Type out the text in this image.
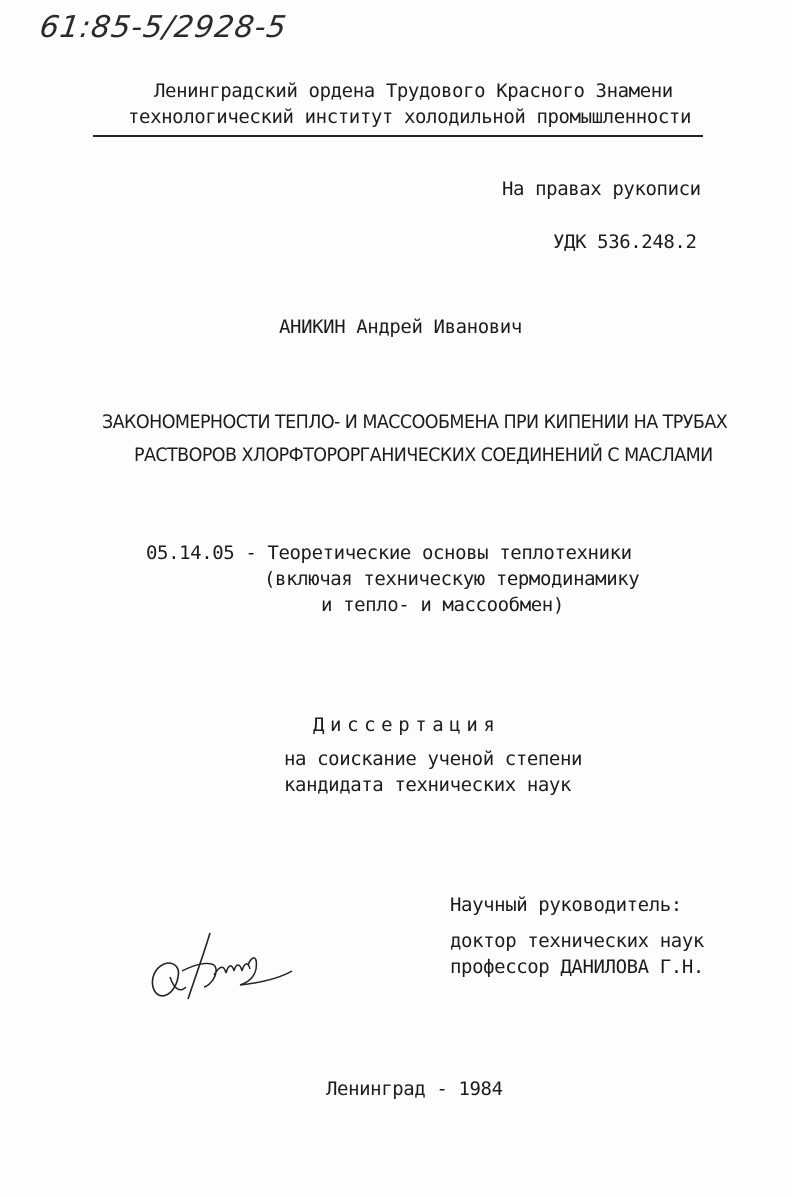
61:85-5/2928-5
Ленинградский ордена Трудового Красного Знамени
технологический институт холодильной промышленности
На правах рукописи
УДК 536.248.2
АНИКИН Андрей Иванович
ЗАКОНОМЕРНОСТИ ТЕПЛО- И МАССООБМЕНА ПРИ КИПЕНИИ НА ТРУБАХ
РАСТВОРОВ ХЛОРФТОРОРГАНИЧЕСКИХ СОЕДИНЕНИЙ С МАСЛАМИ
05.14.05 - Теоретические основы теплотехники
(включая техническую термодинамику
и тепло- и массообмен)
Диссертация
на соискание ученой степени
кандидата технических наук
Научный руководитель:
доктор технических наук
профессор ДАНИЛОВА Г.Н.
Ленинград - 1984
